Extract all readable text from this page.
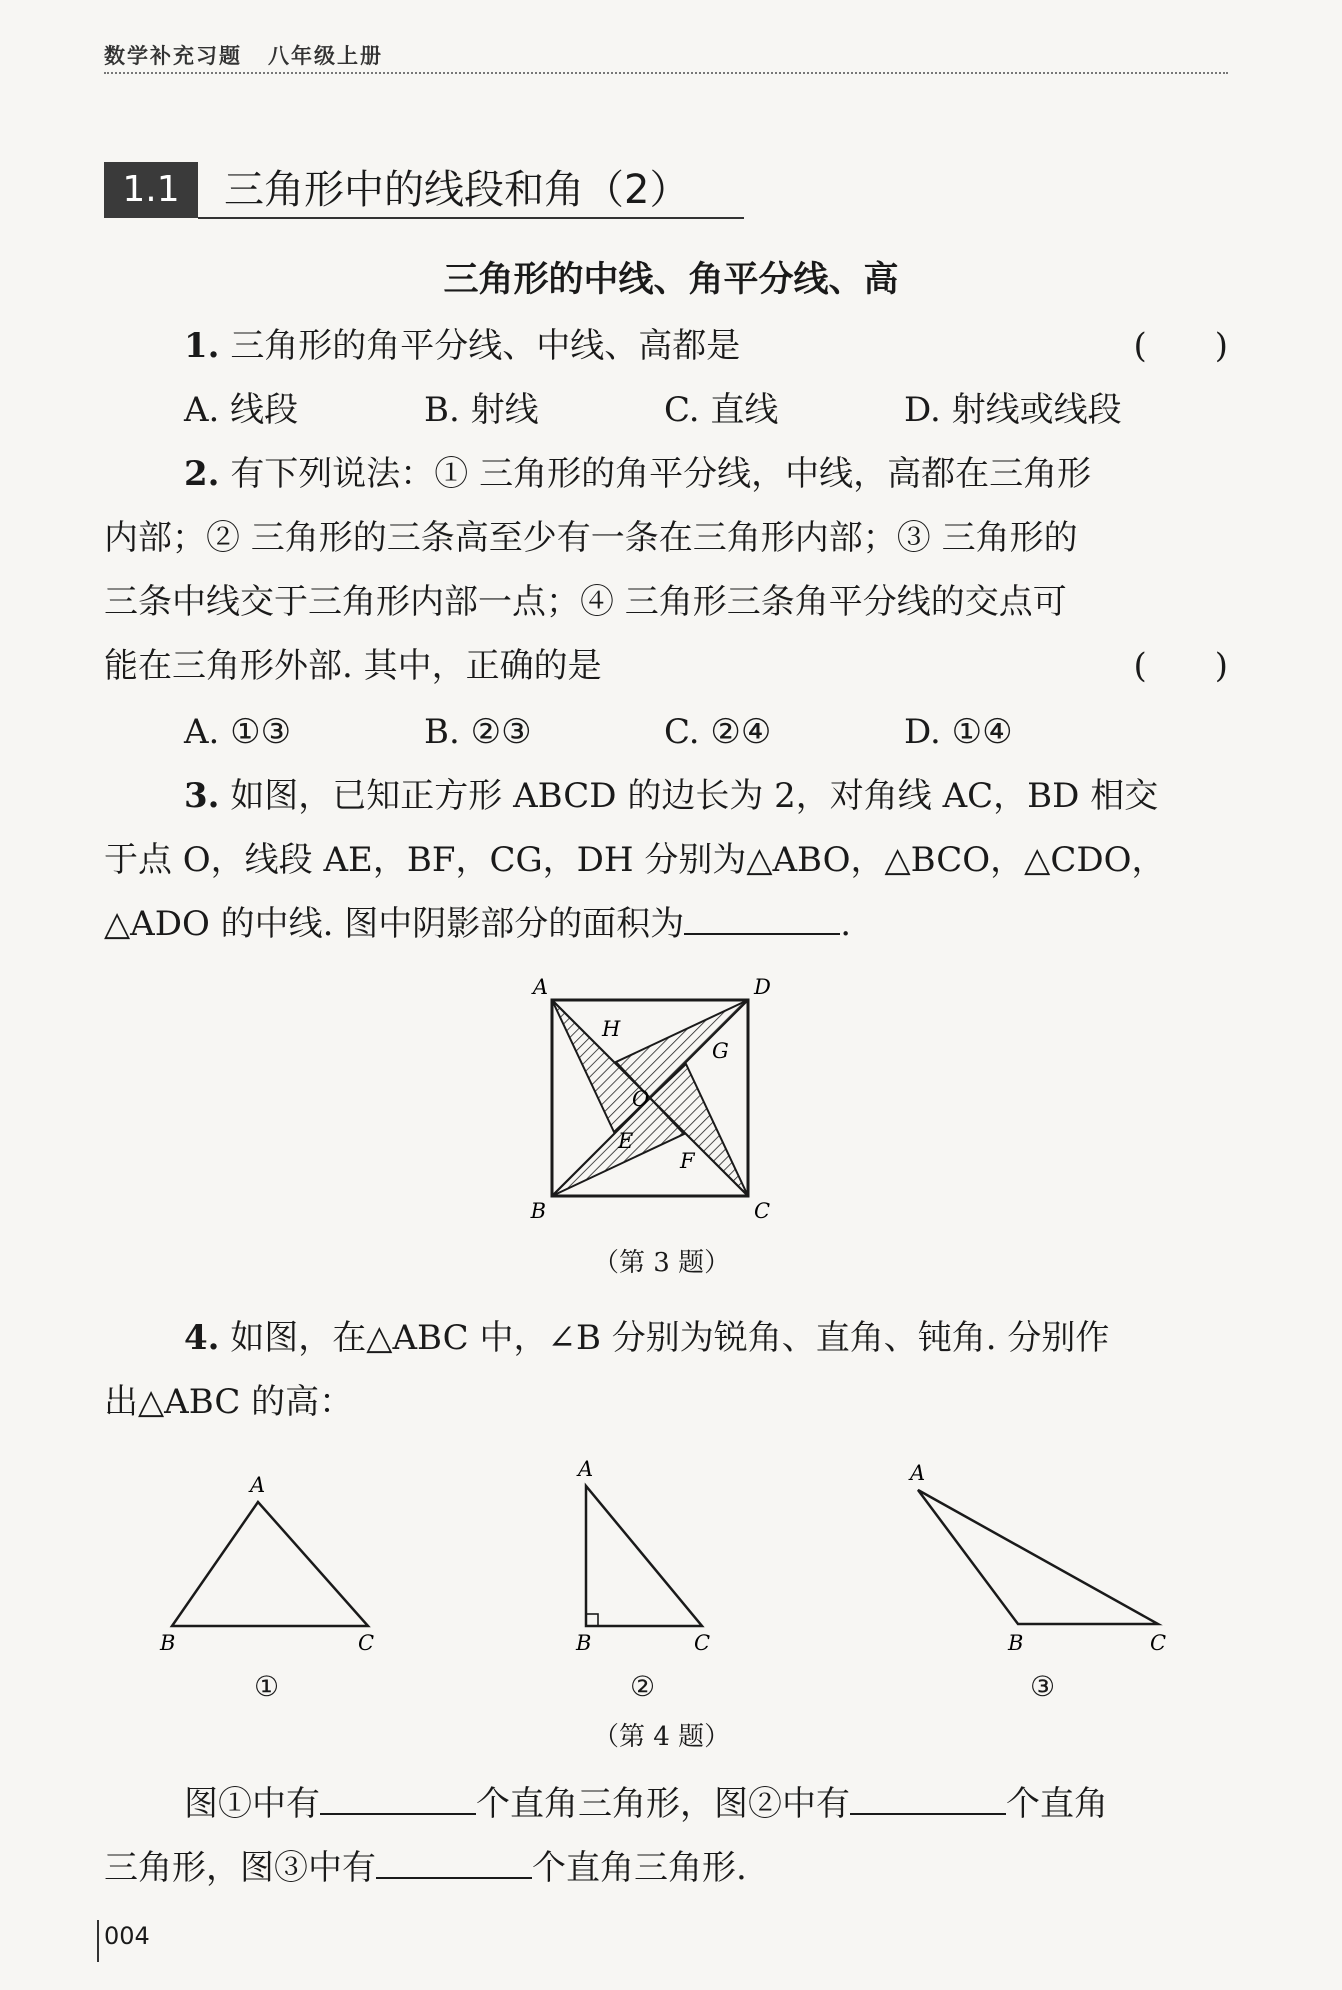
数学补充习题 八年级上册
1.1	三角形中的线段和角（2）
三角形的中线、角平分线、高
1. 三角形的角平分线、中线、高都是	(　　)
A. 线段	B. 射线	C. 直线	D. 射线或线段
2. 有下列说法：① 三角形的角平分线，中线，高都在三角形
内部；② 三角形的三条高至少有一条在三角形内部；③ 三角形的
三条中线交于三角形内部一点；④ 三角形三条角平分线的交点可
能在三角形外部. 其中，正确的是	(　　)
A. ①③	B. ②③	C. ②④	D. ①④
3. 如图，已知正方形 ABCD 的边长为 2，对角线 AC，BD 相交
于点 O，线段 AE，BF，CG，DH 分别为△ABO，△BCO，△CDO，
△ADO 的中线. 图中阴影部分的面积为	.
A	D
B	C
H
G
E
F
O
（第 3 题）
4. 如图，在△ABC 中，∠B 分别为锐角、直角、钝角. 分别作
出△ABC 的高：
A
B	C
A
B	C
A
B	C
①	②	③
（第 4 题）
图①中有	个直角三角形，图②中有	个直角
三角形，图③中有	个直角三角形.
004
